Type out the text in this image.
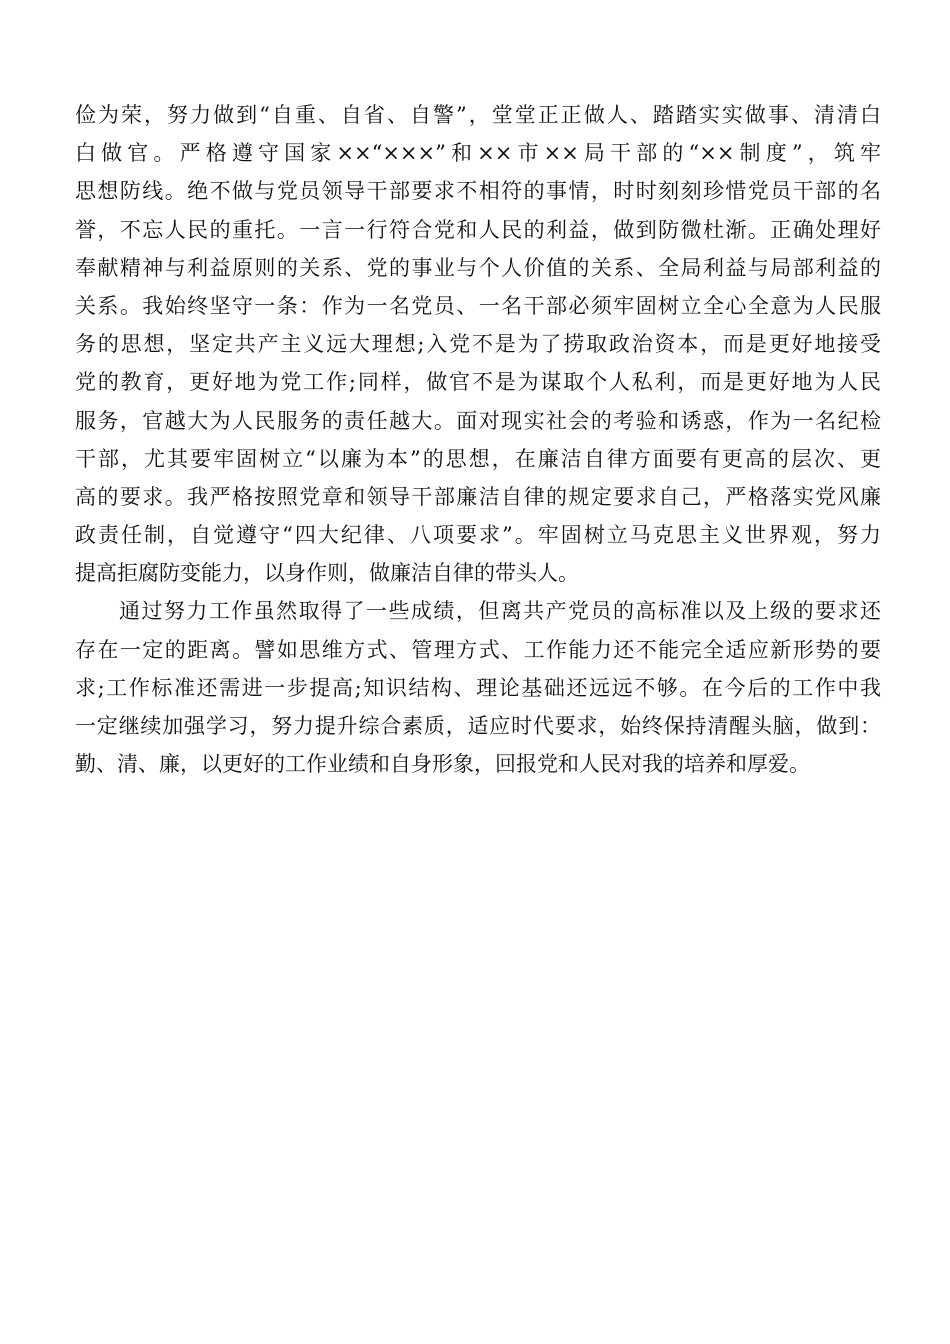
俭为荣，努力做到“自重、自省、自警”，堂堂正正做人、踏踏实实做事、清清白
白做官。严格遵守国家××“×××”和××市××局干部的“××制度”，筑牢
思想防线。绝不做与党员领导干部要求不相符的事情，时时刻刻珍惜党员干部的名
誉，不忘人民的重托。一言一行符合党和人民的利益，做到防微杜渐。正确处理好
奉献精神与利益原则的关系、党的事业与个人价值的关系、全局利益与局部利益的
关系。我始终坚守一条：作为一名党员、一名干部必须牢固树立全心全意为人民服
务的思想，坚定共产主义远大理想;入党不是为了捞取政治资本，而是更好地接受
党的教育，更好地为党工作;同样，做官不是为谋取个人私利，而是更好地为人民
服务，官越大为人民服务的责任越大。面对现实社会的考验和诱惑，作为一名纪检
干部，尤其要牢固树立“以廉为本”的思想，在廉洁自律方面要有更高的层次、更
高的要求。我严格按照党章和领导干部廉洁自律的规定要求自己，严格落实党风廉
政责任制，自觉遵守“四大纪律、八项要求”。牢固树立马克思主义世界观，努力
提高拒腐防变能力，以身作则，做廉洁自律的带头人。
通过努力工作虽然取得了一些成绩，但离共产党员的高标准以及上级的要求还
存在一定的距离。譬如思维方式、管理方式、工作能力还不能完全适应新形势的要
求;工作标准还需进一步提高;知识结构、理论基础还远远不够。在今后的工作中我
一定继续加强学习，努力提升综合素质，适应时代要求，始终保持清醒头脑，做到：
勤、清、廉，以更好的工作业绩和自身形象，回报党和人民对我的培养和厚爱。
